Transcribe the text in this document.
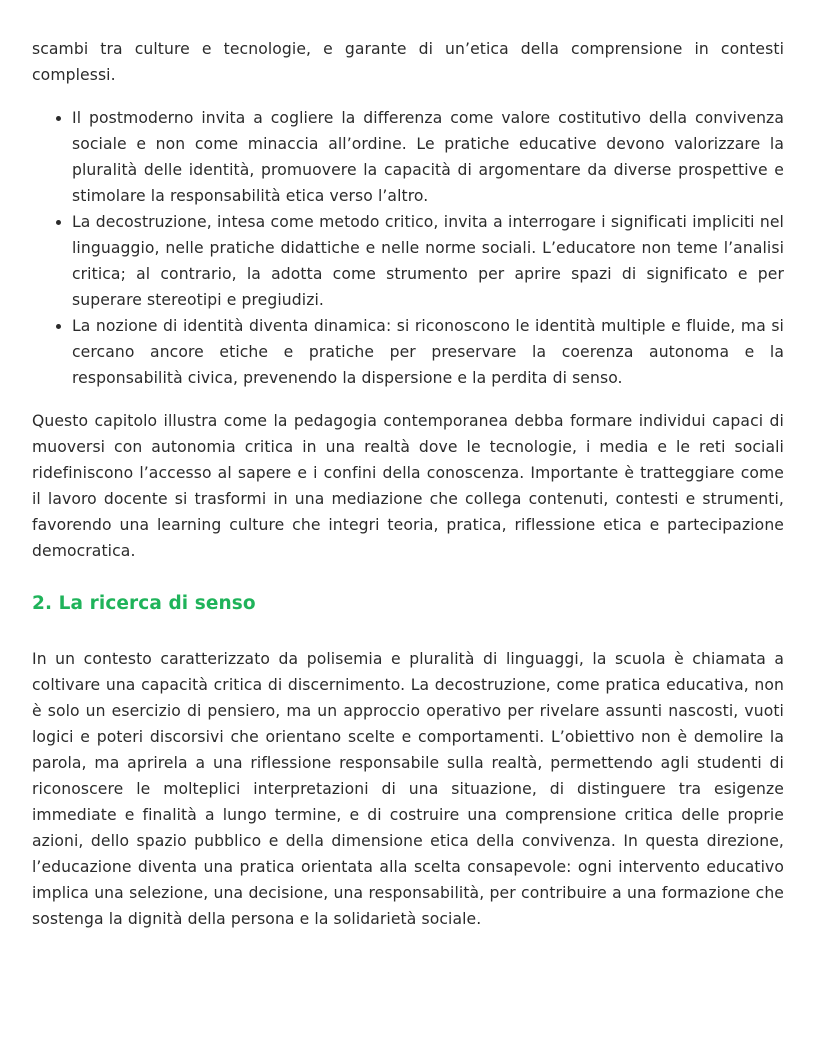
scambi tra culture e tecnologie, e garante di un’etica della comprensione in contesti complessi.

• Il postmoderno invita a cogliere la differenza come valore costitutivo della convivenza sociale e non come minaccia all’ordine. Le pratiche educative devono valorizzare la pluralità delle identità, promuovere la capacità di argomentare da diverse prospettive e stimolare la responsabilità etica verso l’altro.
• La decostruzione, intesa come metodo critico, invita a interrogare i significati impliciti nel linguaggio, nelle pratiche didattiche e nelle norme sociali. L’educatore non teme l’analisi critica; al contrario, la adotta come strumento per aprire spazi di significato e per superare stereotipi e pregiudizi.
• La nozione di identità diventa dinamica: si riconoscono le identità multiple e fluide, ma si cercano ancore etiche e pratiche per preservare la coerenza autonoma e la responsabilità civica, prevenendo la dispersione e la perdita di senso.

Questo capitolo illustra come la pedagogia contemporanea debba formare individui capaci di muoversi con autonomia critica in una realtà dove le tecnologie, i media e le reti sociali ridefiniscono l’accesso al sapere e i confini della conoscenza. Importante è tratteggiare come il lavoro docente si trasformi in una mediazione che collega contenuti, contesti e strumenti, favorendo una learning culture che integri teoria, pratica, riflessione etica e partecipazione democratica.

2. La ricerca di senso

In un contesto caratterizzato da polisemia e pluralità di linguaggi, la scuola è chiamata a coltivare una capacità critica di discernimento. La decostruzione, come pratica educativa, non è solo un esercizio di pensiero, ma un approccio operativo per rivelare assunti nascosti, vuoti logici e poteri discorsivi che orientano scelte e comportamenti. L’obiettivo non è demolire la parola, ma aprirela a una riflessione responsabile sulla realtà, permettendo agli studenti di riconoscere le molteplici interpretazioni di una situazione, di distinguere tra esigenze immediate e finalità a lungo termine, e di costruire una comprensione critica delle proprie azioni, dello spazio pubblico e della dimensione etica della convivenza. In questa direzione, l’educazione diventa una pratica orientata alla scelta consapevole: ogni intervento educativo implica una selezione, una decisione, una responsabilità, per contribuire a una formazione che sostenga la dignità della persona e la solidarietà sociale.
